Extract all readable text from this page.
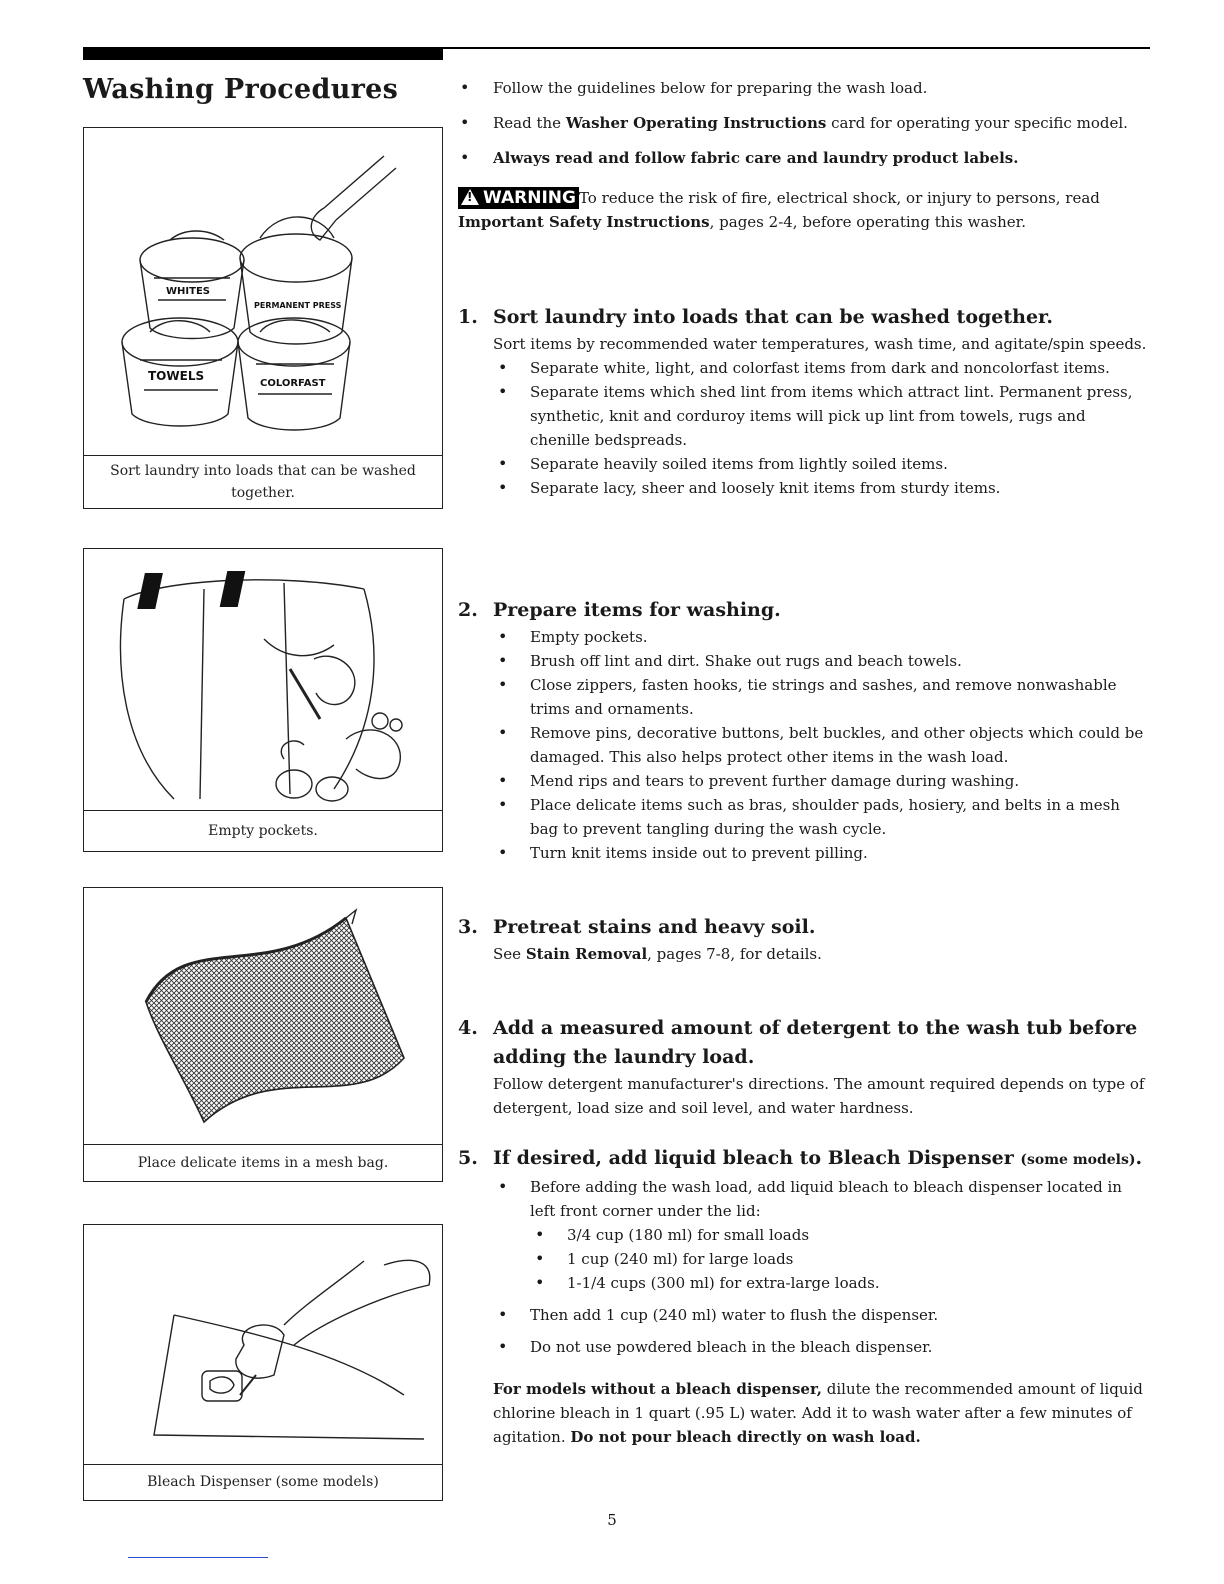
Washing Procedures
WHITES
PERMANENT PRESS
TOWELS
COLORFAST
Sort laundry into loads that can be washed together.
Empty pockets.
Place delicate items in a mesh bag.
Bleach Dispenser (some models)
• Follow the guidelines below for preparing the wash load.
• Read the Washer Operating Instructions card for operating your specific model.
• Always read and follow fabric care and laundry product labels.
!WARNING To reduce the risk of fire, electrical shock, or injury to persons, read Important Safety Instructions, pages 2-4, before operating this washer.
1. Sort laundry into loads that can be washed together.
Sort items by recommended water temperatures, wash time, and agitate/spin speeds.
• Separate white, light, and colorfast items from dark and noncolorfast items.
• Separate items which shed lint from items which attract lint. Permanent press, synthetic, knit and corduroy items will pick up lint from towels, rugs and chenille bedspreads.
• Separate heavily soiled items from lightly soiled items.
• Separate lacy, sheer and loosely knit items from sturdy items.
2. Prepare items for washing.
• Empty pockets.
• Brush off lint and dirt. Shake out rugs and beach towels.
• Close zippers, fasten hooks, tie strings and sashes, and remove nonwashable trims and ornaments.
• Remove pins, decorative buttons, belt buckles, and other objects which could be damaged. This also helps protect other items in the wash load.
• Mend rips and tears to prevent further damage during washing.
• Place delicate items such as bras, shoulder pads, hosiery, and belts in a mesh bag to prevent tangling during the wash cycle.
• Turn knit items inside out to prevent pilling.
3. Pretreat stains and heavy soil.
See Stain Removal, pages 7-8, for details.
4. Add a measured amount of detergent to the wash tub before adding the laundry load.
Follow detergent manufacturer's directions. The amount required depends on type of detergent, load size and soil level, and water hardness.
5. If desired, add liquid bleach to Bleach Dispenser (some models).
• Before adding the wash load, add liquid bleach to bleach dispenser located in left front corner under the lid:
• 3/4 cup (180 ml) for small loads
• 1 cup (240 ml) for large loads
• 1-1/4 cups (300 ml) for extra-large loads.
• Then add 1 cup (240 ml) water to flush the dispenser.
• Do not use powdered bleach in the bleach dispenser.
For models without a bleach dispenser, dilute the recommended amount of liquid chlorine bleach in 1 quart (.95 L) water. Add it to wash water after a few minutes of agitation. Do not pour bleach directly on wash load.
5
